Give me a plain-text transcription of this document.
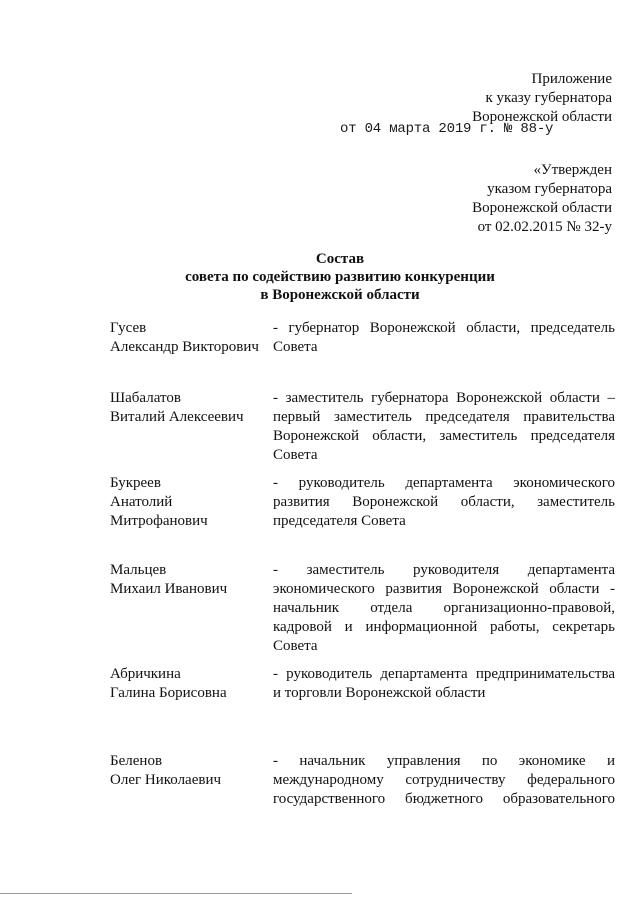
Приложение
к указу губернатора
Воронежской области
от 04 марта 2019 г. № 88-у
«Утвержден
указом губернатора
Воронежской области
от 02.02.2015 № 32-у
Состав
совета по содействию развитию конкуренции
в Воронежской области
Гусев
Александр Викторович
- губернатор Воронежской области, председатель
Совета
Шабалатов
Виталий Алексеевич
- заместитель губернатора Воронежской области –
первый заместитель председателя правительства
Воронежской области, заместитель председателя
Совета
Букреев
Анатолий
Митрофанович
- руководитель департамента экономического
развития Воронежской области, заместитель
председателя Совета
Мальцев
Михаил Иванович
- заместитель руководителя департамента
экономического развития Воронежской области -
начальник отдела организационно-правовой,
кадровой и информационной работы, секретарь
Совета
Абричкина
Галина Борисовна
- руководитель департамента предпринимательства
и торговли Воронежской области
Беленов
Олег Николаевич
- начальник управления по экономике и
международному сотрудничеству федерального
государственного бюджетного образовательного
